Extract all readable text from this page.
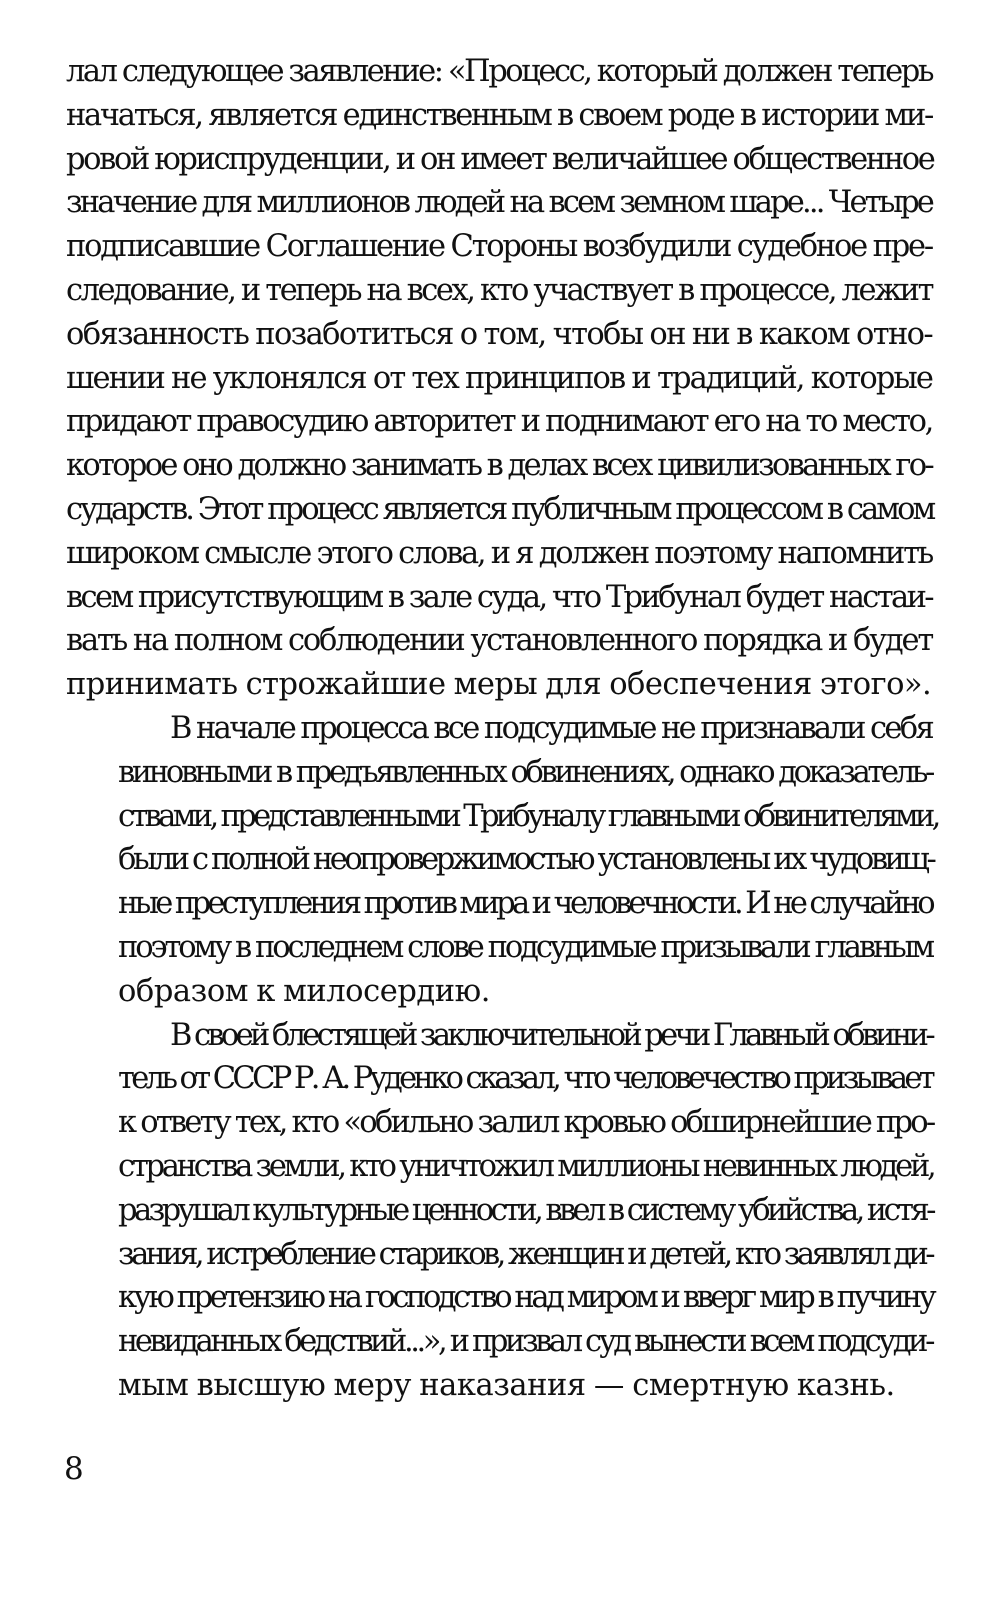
лал следующее заявление: «Процесс, который должен теперь
начаться, является единственным в своем роде в истории ми-
ровой юриспруденции, и он имеет величайшее общественное
значение для миллионов людей на всем земном шаре... Четыре
подписавшие Соглашение Стороны возбудили судебное пре-
следование, и теперь на всех, кто участвует в процессе, лежит
обязанность позаботиться о том, чтобы он ни в каком отно-
шении не уклонялся от тех принципов и традиций, которые
придают правосудию авторитет и поднимают его на то место,
которое оно должно занимать в делах всех цивилизованных го-
сударств. Этот процесс является публичным процессом в самом
широком смысле этого слова, и я должен поэтому напомнить
всем присутствующим в зале суда, что Трибунал будет настаи-
вать на полном соблюдении установленного порядка и будет
принимать строжайшие меры для обеспечения этого».
В начале процесса все подсудимые не признавали себя
виновными в предъявленных обвинениях, однако доказатель-
ствами, представленными Трибуналу главными обвинителями,
были с полной неопровержимостью установлены их чудовищ-
ные преступления против мира и человечности. И не случайно
поэтому в последнем слове подсудимые призывали главным
образом к милосердию.
В своей блестящей заключительной речи Главный обвини-
тель от СССР Р. А. Руденко сказал, что человечество призывает
к ответу тех, кто «обильно залил кровью обширнейшие про-
странства земли, кто уничтожил миллионы невинных людей,
разрушал культурные ценности, ввел в систему убийства, истя-
зания, истребление стариков, женщин и детей, кто заявлял ди-
кую претензию на господство над миром и вверг мир в пучину
невиданных бедствий...», и призвал суд вынести всем подсуди-
мым высшую меру наказания — смертную казнь.
8
